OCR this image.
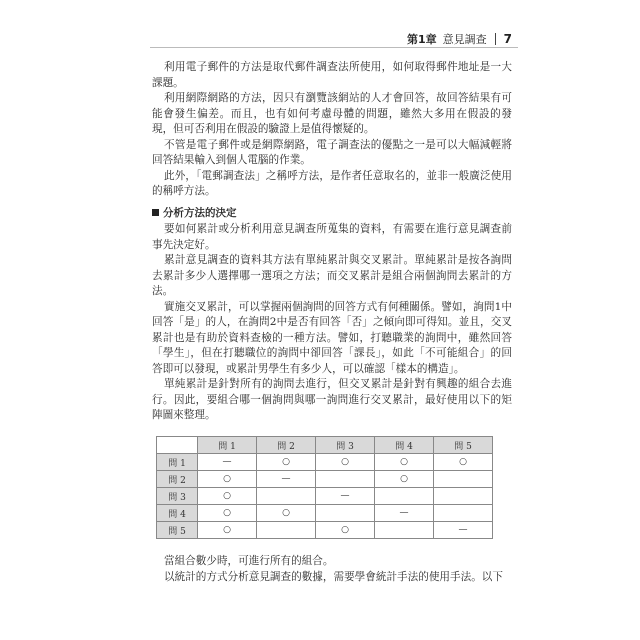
第1章 意見調查 7

利用電子郵件的方法是取代郵件調查法所使用，如何取得郵件地址是一大課題。

利用網際網路的方法，因只有瀏覽該網站的人才會回答，故回答結果有可能會發生偏差。而且，也有如何考慮母體的問題，雖然大多用在假設的發現，但可否利用在假設的驗證上是值得懷疑的。

不管是電子郵件或是網際網路，電子調查法的優點之一是可以大幅減輕將回答結果輸入到個人電腦的作業。

此外，「電郵調查法」之稱呼方法，是作者任意取名的，並非一般廣泛使用的稱呼方法。

分析方法的決定

要如何累計或分析利用意見調查所蒐集的資料，有需要在進行意見調查前事先決定好。

累計意見調查的資料其方法有單純累計與交叉累計。單純累計是按各詢問去累計多少人選擇哪一選項之方法；而交叉累計是組合兩個詢問去累計的方法。

實施交叉累計，可以掌握兩個詢問的回答方式有何種關係。譬如，詢問1中回答「是」的人，在詢問2中是否有回答「否」之傾向即可得知。並且，交叉累計也是有助於資料查檢的一種方法。譬如，打聽職業的詢問中，雖然回答「學生」，但在打聽職位的詢問中卻回答「課長」，如此「不可能組合」的回答即可以發現，或累計男學生有多少人，可以確認「樣本的構造」。

單純累計是針對所有的詢問去進行，但交叉累計是針對有興趣的組合去進行。因此，要組合哪一個詢問與哪一詢問進行交叉累計，最好使用以下的矩陣圖來整理。

	問 1	問 2	問 3	問 4	問 5
問 1	—	○	○	○	○
問 2	○	—		○	
問 3	○		—		
問 4	○	○		—	
問 5	○		○		—

當組合數少時，可進行所有的組合。

以統計的方式分析意見調查的數據，需要學會統計手法的使用手法。以下
